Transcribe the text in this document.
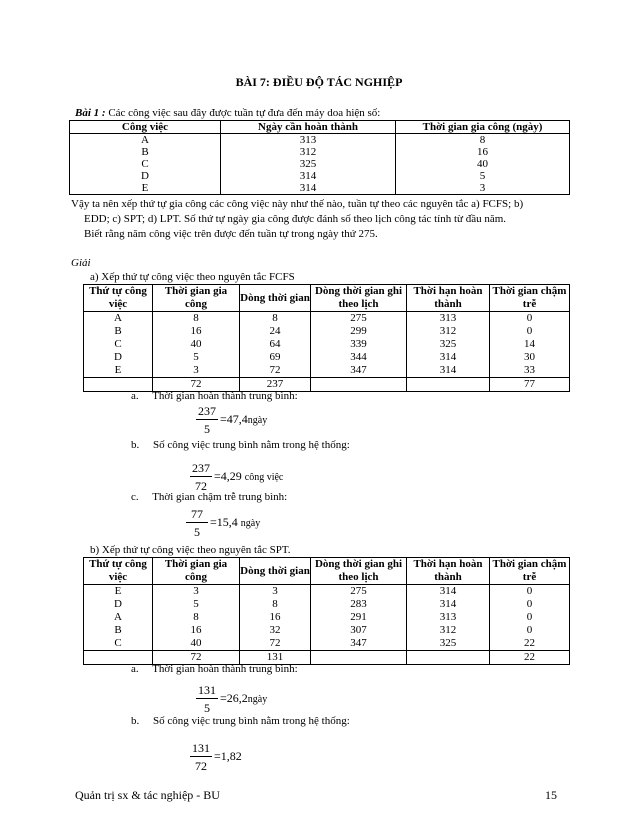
BÀI 7: ĐIỀU ĐỘ TÁC NGHIỆP
Bài 1 : Các công việc sau đây được tuần tự đưa đến máy doa hiện số:
Công việc	Ngày cần hoàn thành	Thời gian gia công (ngày)
A	313	8
B	312	16
C	325	40
D	314	5
E	314	3
Vậy ta nên xếp thứ tự gia công các công việc này như thế nào, tuần tự theo các nguyên tắc a) FCFS; b)
EDD; c) SPT; d) LPT. Số thứ tự ngày gia công được đánh số theo lịch công tác tính từ đầu năm.
Biết rằng năm công việc trên được đến tuần tự trong ngày thứ 275.
Giải
a) Xếp thứ tự công việc theo nguyên tắc FCFS
Thứ tự công việc	Thời gian gia công	Dòng thời gian	Dòng thời gian ghi theo lịch	Thời hạn hoàn thành	Thời gian chậm trễ
A	8	8	275	313	0
B	16	24	299	312	0
C	40	64	339	325	14
D	5	69	344	314	30
E	3	72	347	314	33
	72	237			77
a. Thời gian hoàn thành trung bình:
237
5
=47,4ngày
b. Số công việc trung bình nằm trong hệ thống:
237
72
=4,29 công việc
c. Thời gian chậm trễ trung bình:
77
5
=15,4 ngày
b) Xếp thứ tự công việc theo nguyên tắc SPT.
Thứ tự công việc	Thời gian gia công	Dòng thời gian	Dòng thời gian ghi theo lịch	Thời hạn hoàn thành	Thời gian chậm trễ
E	3	3	275	314	0
D	5	8	283	314	0
A	8	16	291	313	0
B	16	32	307	312	0
C	40	72	347	325	22
	72	131			22
a. Thời gian hoàn thành trung bình:
131
5
=26,2ngày
b. Số công việc trung bình nằm trong hệ thống:
131
72
=1,82
Quản trị sx & tác nghiệp - BU	15
